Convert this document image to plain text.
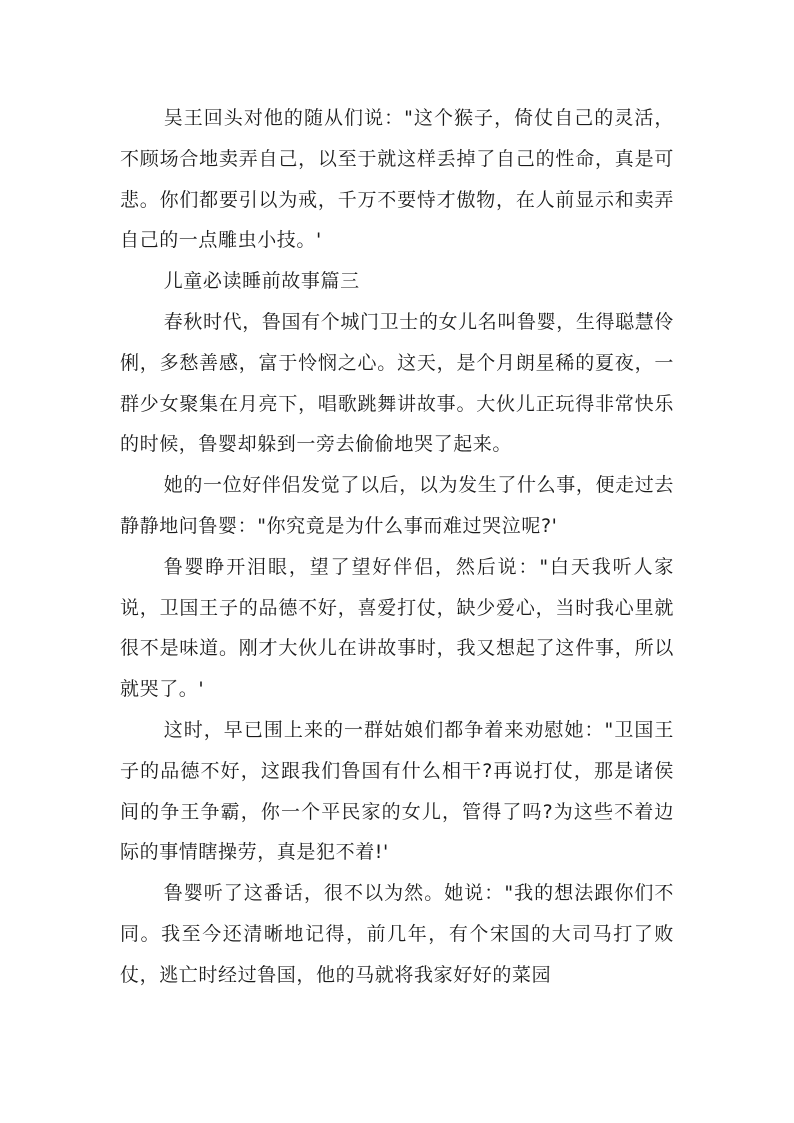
吴王回头对他的随从们说："这个猴子，倚仗自己的灵活，不顾场合地卖弄自己，以至于就这样丢掉了自己的性命，真是可悲。你们都要引以为戒，千万不要恃才傲物，在人前显示和卖弄自己的一点雕虫小技。'

儿童必读睡前故事篇三

春秋时代，鲁国有个城门卫士的女儿名叫鲁婴，生得聪慧伶俐，多愁善感，富于怜悯之心。这天，是个月朗星稀的夏夜，一群少女聚集在月亮下，唱歌跳舞讲故事。大伙儿正玩得非常快乐的时候，鲁婴却躲到一旁去偷偷地哭了起来。

她的一位好伴侣发觉了以后，以为发生了什么事，便走过去静静地问鲁婴："你究竟是为什么事而难过哭泣呢?'

鲁婴睁开泪眼，望了望好伴侣，然后说："白天我听人家说，卫国王子的品德不好，喜爱打仗，缺少爱心，当时我心里就很不是味道。刚才大伙儿在讲故事时，我又想起了这件事，所以就哭了。'

这时，早已围上来的一群姑娘们都争着来劝慰她："卫国王子的品德不好，这跟我们鲁国有什么相干?再说打仗，那是诸侯间的争王争霸，你一个平民家的女儿，管得了吗?为这些不着边际的事情瞎操劳，真是犯不着!'

鲁婴听了这番话，很不以为然。她说："我的想法跟你们不同。我至今还清晰地记得，前几年，有个宋国的大司马打了败仗，逃亡时经过鲁国，他的马就将我家好好的菜园
